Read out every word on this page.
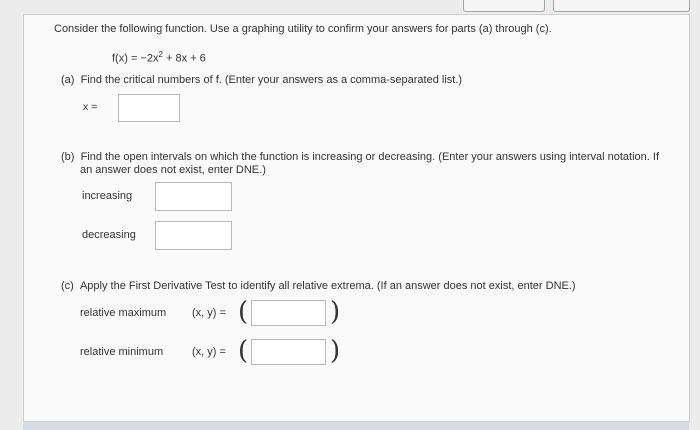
Consider the following function. Use a graphing utility to confirm your answers for parts (a) through (c).
$f(x) = -2x^2 + 8x + 6$
(a) Find the critical numbers of f. (Enter your answers as a comma-separated list.)
x =
(b) Find the open intervals on which the function is increasing or decreasing. (Enter your answers using interval notation. If
an answer does not exist, enter DNE.)
increasing
decreasing
(c) Apply the First Derivative Test to identify all relative extrema. (If an answer does not exist, enter DNE.)
relative maximum (x, y) = (	)
relative minimum	(x, y) = (	)
